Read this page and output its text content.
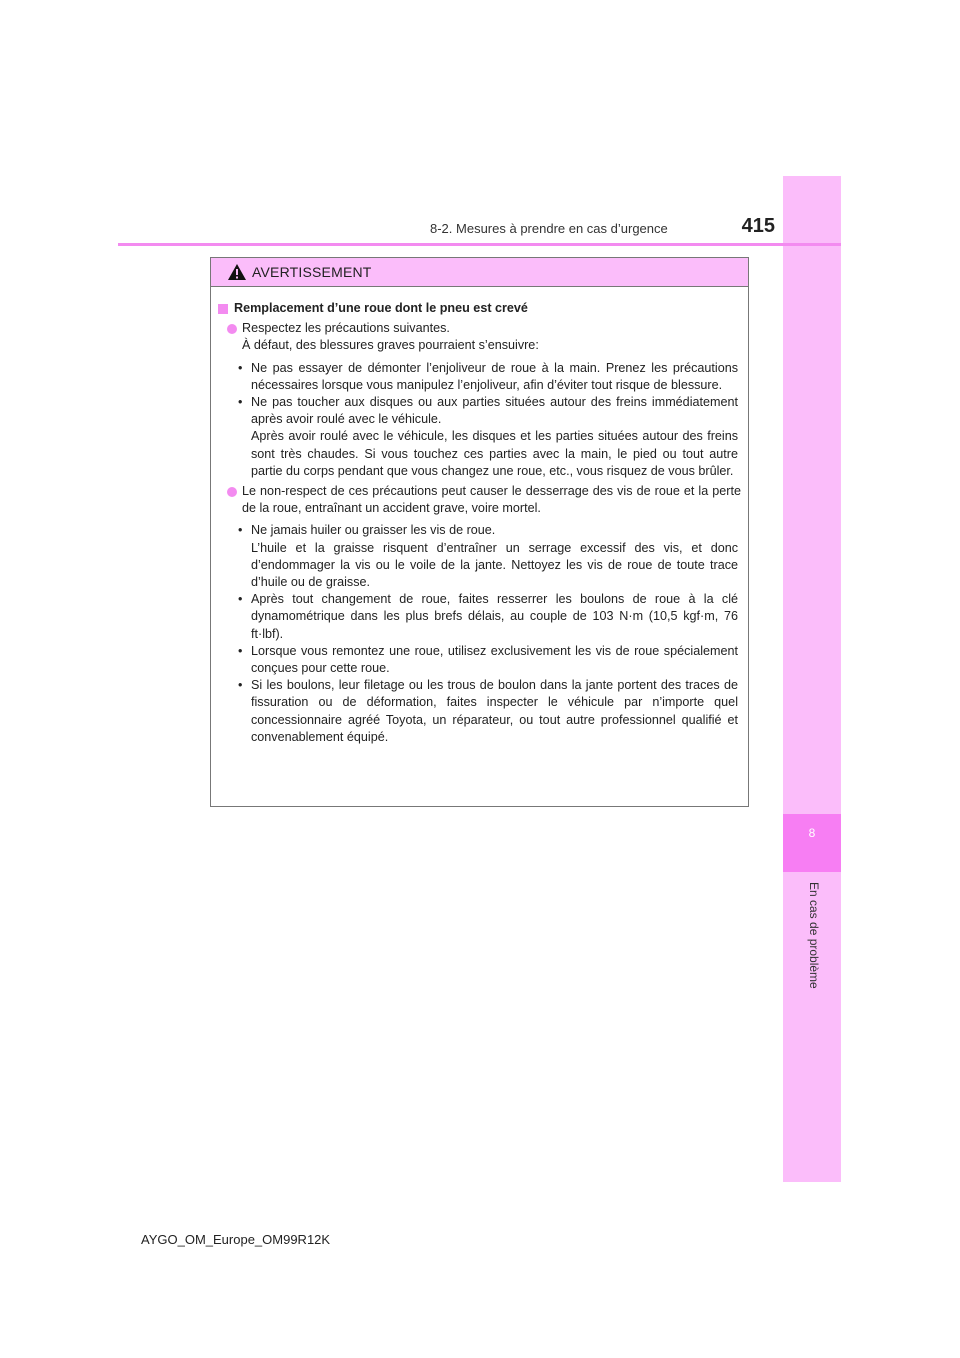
8
En cas de problème
8-2. Mesures à prendre en cas d’urgence	415
AVERTISSEMENT
Remplacement d’une roue dont le pneu est crevé
Respectez les précautions suivantes.
À défaut, des blessures graves pourraient s’ensuivre:
• Ne pas essayer de démonter l’enjoliveur de roue à la main. Prenez les précautions nécessaires lorsque vous manipulez l’enjoliveur, afin d’éviter tout risque de blessure.
• Ne pas toucher aux disques ou aux parties situées autour des freins immédiatement après avoir roulé avec le véhicule.
Après avoir roulé avec le véhicule, les disques et les parties situées autour des freins sont très chaudes. Si vous touchez ces parties avec la main, le pied ou tout autre partie du corps pendant que vous changez une roue, etc., vous risquez de vous brûler.
Le non-respect de ces précautions peut causer le desserrage des vis de roue et la perte de la roue, entraînant un accident grave, voire mortel.
• Ne jamais huiler ou graisser les vis de roue.
L’huile et la graisse risquent d’entraîner un serrage excessif des vis, et donc d’endommager la vis ou le voile de la jante. Nettoyez les vis de roue de toute trace d’huile ou de graisse.
• Après tout changement de roue, faites resserrer les boulons de roue à la clé dynamométrique dans les plus brefs délais, au couple de 103 N·m (10,5 kgf·m, 76 ft·lbf).
• Lorsque vous remontez une roue, utilisez exclusivement les vis de roue spécialement conçues pour cette roue.
• Si les boulons, leur filetage ou les trous de boulon dans la jante portent des traces de fissuration ou de déformation, faites inspecter le véhicule par n’importe quel concessionnaire agréé Toyota, un réparateur, ou tout autre professionnel qualifié et convenablement équipé.
AYGO_OM_Europe_OM99R12K
